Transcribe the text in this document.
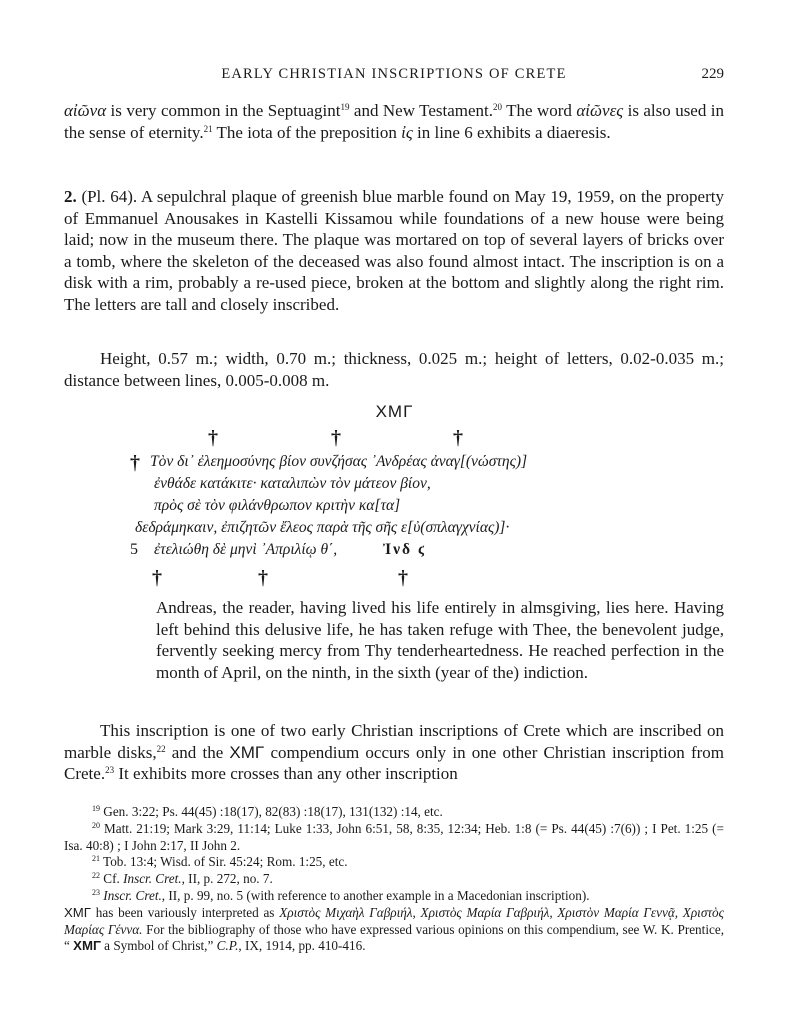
EARLY CHRISTIAN INSCRIPTIONS OF CRETE	229

αἰῶνα is very common in the Septuagint$^{19}$ and New Testament.$^{20}$ The word αἰῶνες is also used in the sense of eternity.$^{21}$ The iota of the preposition ἰς in line 6 exhibits a diaeresis.

2. (Pl. 64). A sepulchral plaque of greenish blue marble found on May 19, 1959, on the property of Emmanuel Anousakes in Kastelli Kissamou while foundations of a new house were being laid; now in the museum there. The plaque was mortared on top of several layers of bricks over a tomb, where the skeleton of the deceased was also found almost intact. The inscription is on a disk with a rim, probably a re-used piece, broken at the bottom and slightly along the right rim. The letters are tall and closely inscribed.

Height, 0.57 m.; width, 0.70 m.; thickness, 0.025 m.; height of letters, 0.02-0.035 m.; distance between lines, 0.005-0.008 m.

ΧΜΓ
†	†	†
† Τὸν δι᾽ ἐλεημοσύνης βίον συνζήσας ᾽Ανδρέας ἀναγ[(νώστης)]
ἐνθάδε κατάκιτε· καταλιπὼν τὸν μάτεον βίον,
πρὸς σὲ τὸν φιλάνθρωπον κριτὴν κα[τα]
δεδράμηκαιν, ἐπιζητῶν ἔλεος παρὰ τῆς σῆς ε[ὐ(σπλαγχνίας)]·
5 ἐτελιώθη δὲ μηνὶ ᾽Απριλίῳ θ΄,	Ἰνδ ϛ
†	†	†

Andreas, the reader, having lived his life entirely in almsgiving, lies here. Having left behind this delusive life, he has taken refuge with Thee, the benevolent judge, fervently seeking mercy from Thy tenderheartedness. He reached perfection in the month of April, on the ninth, in the sixth (year of the) indiction.

This inscription is one of two early Christian inscriptions of Crete which are inscribed on marble disks,$^{22}$ and the ΧΜΓ compendium occurs only in one other Christian inscription from Crete.$^{23}$ It exhibits more crosses than any other inscription

$^{19}$ Gen. 3:22; Ps. 44(45) :18(17), 82(83) :18(17), 131(132) :14, etc.

$^{20}$ Matt. 21:19; Mark 3:29, 11:14; Luke 1:33, John 6:51, 58, 8:35, 12:34; Heb. 1:8 (= Ps. 44(45) :7(6)) ; I Pet. 1:25 (= Isa. 40:8) ; I John 2:17, II John 2.

$^{21}$ Tob. 13:4; Wisd. of Sir. 45:24; Rom. 1:25, etc.

$^{22}$ Cf. Inscr. Cret., II, p. 272, no. 7.

$^{23}$ Inscr. Cret., II, p. 99, no. 5 (with reference to another example in a Macedonian inscription).

ΧΜΓ has been variously interpreted as Χριστὸς Μιχαὴλ Γαβριήλ, Χριστὸς Μαρία Γαβριήλ, Χριστὸν Μαρία Γεννᾷ, Χριστὸς Μαρίας Γέννα. For the bibliography of those who have expressed various opinions on this compendium, see W. K. Prentice, “ ΧΜΓ a Symbol of Christ,” C.P., IX, 1914, pp. 410-416.
